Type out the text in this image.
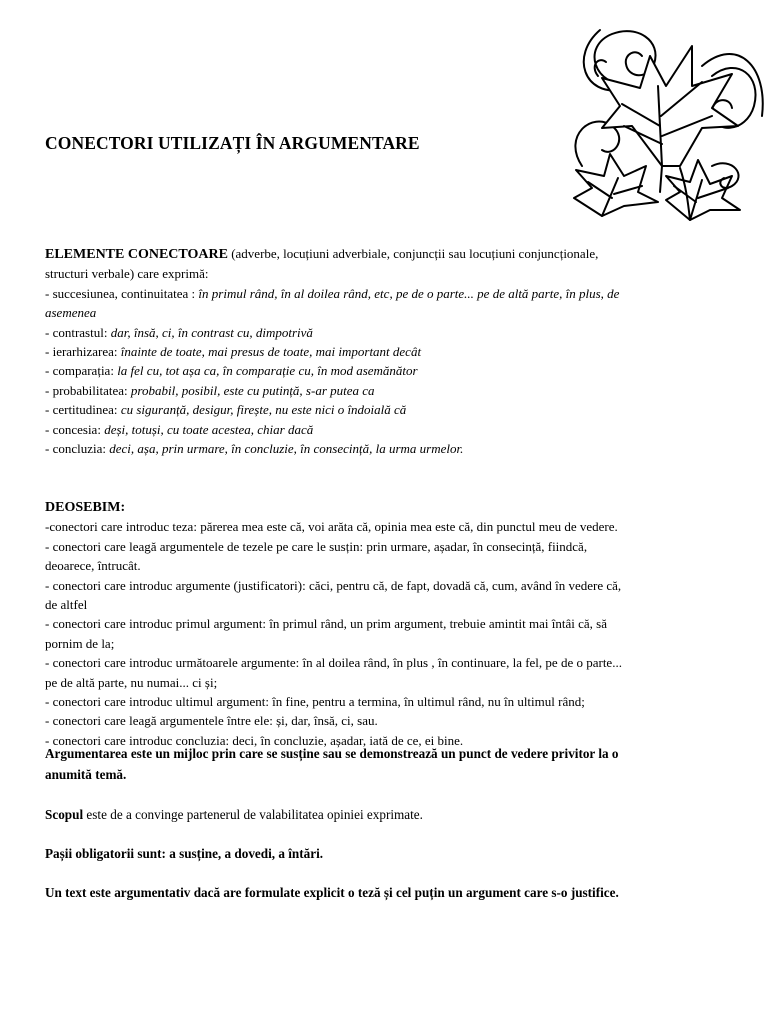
CONECTORI UTILIZAȚI ÎN ARGUMENTARE

ELEMENTE CONECTOARE (adverbe, locuțiuni adverbiale, conjuncții sau locuțiuni conjuncționale,

structuri verbale) care exprimă:

- succesiunea, continuitatea : în primul rând, în al doilea rând, etc, pe de o parte... pe de altă parte, în plus, de

asemenea

- contrastul: dar, însă, ci, în contrast cu, dimpotrivă

- ierarhizarea: înainte de toate, mai presus de toate, mai important decât

- comparația: la fel cu, tot așa ca, în comparație cu, în mod asemănător

- probabilitatea: probabil, posibil, este cu putință, s-ar putea ca

- certitudinea: cu siguranță, desigur, firește, nu este nici o îndoială că

- concesia: deși, totuși, cu toate acestea, chiar dacă

- concluzia: deci, așa, prin urmare, în concluzie, în consecință, la urma urmelor.

DEOSEBIM:

-conectori care introduc teza: părerea mea este că, voi arăta că, opinia mea este că, din punctul meu de vedere.

- conectori care leagă argumentele de tezele pe care le susțin: prin urmare, așadar, în consecință, fiindcă,

deoarece, întrucât.

- conectori care introduc argumente (justificatori): căci, pentru că, de fapt, dovadă că, cum, având în vedere că,

de altfel

- conectori care introduc primul argument: în primul rând, un prim argument, trebuie amintit mai întâi că, să

pornim de la;

- conectori care introduc următoarele argumente: în al doilea rând, în plus , în continuare, la fel, pe de o parte...

pe de altă parte, nu numai... ci și;

- conectori care introduc ultimul argument: în fine, pentru a termina, în ultimul rând, nu în ultimul rând;

- conectori care leagă argumentele între ele: și, dar, însă, ci, sau.

- conectori care introduc concluzia: deci, în concluzie, așadar, iată de ce, ei bine.

Argumentarea este un mijloc prin care se susține sau se demonstrează un punct de vedere privitor la o
anumită temă.

Scopul este de a convinge partenerul de valabilitatea opiniei exprimate.

Pașii obligatorii sunt: a susține, a dovedi, a întări.

Un text este argumentativ dacă are formulate explicit o teză și cel puțin un argument care s-o justifice.
